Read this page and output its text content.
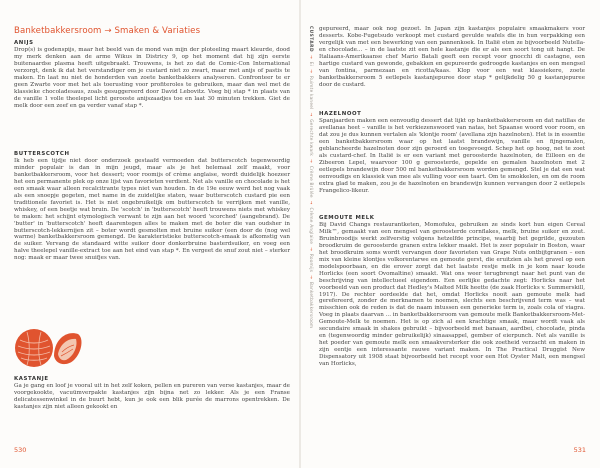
Banketbakkersroom → Smaken & Variaties
ANIJS
Drop(s) is godenspijs, maar het beeld van de mond van mijn der ploteeling maart kleurde, dood my merk denken aan de arme Wikus in Districy 9, op het moment dat hij zijn eerste buitenaardse plasma heeft uitgebraakt. Trouwens, is het zo dat de Comic-Con International verzorgt, denk ik dat het verstandiger om je custard niet zo zwart, maar met anijs of pastis te maken. En laat nu niet de honderden van zoete banketbakkers analyseren. Confronteer te er geen Zwarte voor met het als toerusting voor profiteroles te gebruiken, maar dan wel met de klassieke chocoladesaus, zoals gesuggereerd door David Lebovitz. Voeg bij stap * in plaats van de vanille 1 volle theelepel licht gerooste anijszaadjes toe en laat 30 minuten trekken. Giet de melk door een zeef en ga verder vanaf stap *.
BUTTERSCOTCH
Ik heb een tijdje niet door onderzoek gestaafd vermoeden dat butterscotch tegenwoordig minder populair is dan in mijn jeugd, maar als je het helemaal zelf maakt, voor banketbakkersroom, voor het dessert; voor roomijs of crème anglaise, wordt duidelijk hoezeer het een permanente plek op onze lijst van favorieten verdient. Net als vanille en chocolade is het een smaak waar alleen recalcitrante types niet van houden. In de 19e eeuw werd het nog vaak als een snoepje gegeten, met name in de zuidelijke staten, waar butterscotch custard pie een traditionele favoriet is. Het is niet ongebruikelijk om butterscotch te verrijken met vanille, whiskey, of een beetje wat bruin. De 'scotch' in 'butterscotch' heeft trouwens niets met whiskey te maken: het schijnt etymologisch verwant te zijn aan het woord 'scorched' (aangebrand). De 'butter' in 'butterscotch' heeft daarentegen alles te maken met de boter die van oudsher in butterscotch-lekkernijen zit – boter wordt gesmolten met bruine suiker (een door de (nog wel warme) banketbakkersroom gemengd. De karakteristieke butterscotch-smaak is afkomstig van de suiker. Vervang de standaard witte suiker door donkerbruine basterdsuiker, en voeg een halve theelepel vanille-extract toe aan het eind van stap *. En vergeet de snuf zout niet – sterker nog: maak er maar twee snuifjes van.
KASTANJE
Ga je gang en loof je vooral uit in het zelf koken, pellen en pureren van verse kastanjes, maar de voorgekookte, vacuümverpakte kastanjes zijn bijna net zo lekker. Als je een Franse delicatessenwinkel in de buurt hebt, kun je ook een blik purée de marrons opentrekken. De kastanjes zijn niet alleen gekookt en
530
CUSTARD→Ei→Ruimte kaneel→Gerechte kwark→Crème Brûlée→Crème Anglaise→Roomijs→Banketbakkersroom
gepureerd, maar ook nog gezoet. In Japan zijn kastanjes populaire smaakmakers voor desserts. Kobe-Fugetsudo verkoopt met custard gevulde wafels die in hun verpakking een vergelijk van met een bewerking van een pannenkoek. In Italië eten ze bijvoorbeeld Nutella- en chocolade... – in de laatste zit een hele kastanje die er als een soort tong uit hangt. De Italiaans-Amerikaanse chef Mario Batali geeft een recept voor gnocchi di castagne, een hartige custard van gewonde, gebakken en gepureerde gedroogde kastanjes en een mengsel van fontina, parmezaan en ricotta/kaas. Klop voor een wat klassiekere, zoete banketbakkersroom 5 eetlepels kastanjepuree door stap * gelijkdelig 50 g kastanjepuree door de custard.
HAZELNOOT
Spanjaarden maken een eenvoudig dessert dat lijkt op banketbakkersroom en dat natillas de avellanas heet – vanille is het verkiezenswoord van natas, het Spaanse woord voor room, en dat zou je dus kunnen vertalen als 'klontje room' (avellana zijn hazelnoten). Het is in essentie een banketbakkersroom waar op het laatst brandewijn, vanille en fijngemalen, geblancheerde hazelnoten door zijn geroerd en toegevoegd. Schep het op hoog, net te zoet als custard-chef. In Italië is er een variant met geroosterde hazelnoten, de Eilleen en de Zibeeron Lepel, waarvoor 100 g geroosterde, gepelde en gemalen hazelnoten met 2 eetlepels brandewijn door 500 ml banketbakkersroom worden gemengd. Stel je dat een wat eenvoudigs en klassiek van mee als vulling voor een taart. Om te smokkelen, en om de room extra glad te maken, zou je de hazelnoten en brandewijn kunnen vervangen door 2 eetlepels Frangelico-likeur.
GEMOUTE MELK
Bij David Changs restaurantketen, Momofuku, gebruiken ze sinds kort hun eigen Cereal Milk™, gemaakt van een mengsel van geroosterde cornflakes, melk, bruine suiker en zout. Bruinbroodijs werkt zelfverstig volgens hetzelfde principe, waarbij het gegrilde, gezouten broodkruim de geroosterde granen extra lekker maakt. Het is zeer populair in Boston, waar het broodkruim soms wordt vervangen door favorieten van Grape Nuts ontbijtgranen – een mix van kleine klontjes volkorentarwe en gemoute gerst, die eruitzien als het gravel op een modelspoorbaan, en die erover zorgt dat het laatste restje melk in je kom naar koude Horlicks (een soort Ovomaltine) smaakt. Wat ons weer terugbrengt naar het punt van de beschrijving van intellectueel eigendom. Een eerlijke gedachte zegt: Horlicks naar het voorbeeld van een product dat Hedley's Malted Milk heette (de zaak Horlicks v. Summerskill, 1917). De rechter oordeelde dat het, omdat Horlicks nooit aan gemoute melk had gerefereerd, zonder de merknamen te noemen, slechts een beschrijvend term was – wat misschien ook de reden is dat de naam intussen een generieke term is, zoals cola of viagra. Voeg in plaats daarvan ... in banketbakkersroom van gemoute melk Banketbakkersroom-Met-Gemoute-Melk te noemen. Het is op zich al een krachtige smaak, maar wordt vaak als secundaire smaak in shakes gebruikt – bijvoorbeeld met banaan, aardbei, chocolade, pinda en (tegenwoordig minder gebruikelijk) sinaasappel, gember of eierpunch. Net als vanille is het poeder van gemoute melk een smaakversterker die ook zoetheid verzacht en maken in zijn eentje een interessante rauwe variant maken. In The Practical Druggist New Dispensatory uit 1908 staat bijvoorbeeld het recept voor een Hot Oyster Malt, een mengsel van Horlicks,
531
